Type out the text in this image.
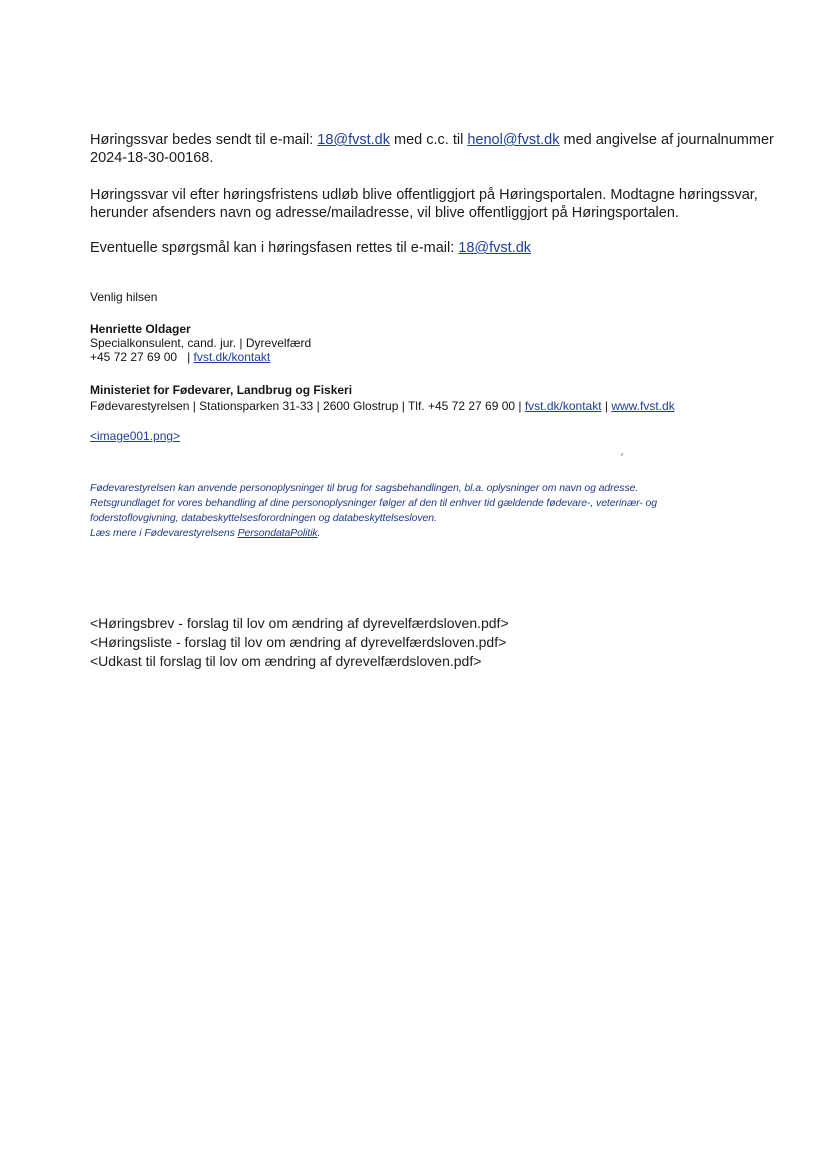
Høringssvar bedes sendt til e-mail: 18@fvst.dk med c.c. til henol@fvst.dk med angivelse af journalnummer
2024-18-30-00168.
Høringssvar vil efter høringsfristens udløb blive offentliggjort på Høringsportalen. Modtagne høringssvar,
herunder afsenders navn og adresse/mailadresse, vil blive offentliggjort på Høringsportalen.
Eventuelle spørgsmål kan i høringsfasen rettes til e-mail: 18@fvst.dk
Venlig hilsen
Henriette Oldager
Specialkonsulent, cand. jur. | Dyrevelfærd
+45 72 27 69 00   | fvst.dk/kontakt
Ministeriet for Fødevarer, Landbrug og Fiskeri
Fødevarestyrelsen | Stationsparken 31-33 | 2600 Glostrup | Tlf. +45 72 27 69 00 | fvst.dk/kontakt | www.fvst.dk
<image001.png>
Fødevarestyrelsen kan anvende personoplysninger til brug for sagsbehandlingen, bl.a. oplysninger om navn og adresse.
Retsgrundlaget for vores behandling af dine personoplysninger følger af den til enhver tid gældende fødevare-, veterinær- og
foderstoflovgivning, databeskyttelsesforordningen og databeskyttelsesloven.
Læs mere i Fødevarestyrelsens PersondataPolitik.
<Høringsbrev - forslag til lov om ændring af dyrevelfærdsloven.pdf>
<Høringsliste - forslag til lov om ændring af dyrevelfærdsloven.pdf>
<Udkast til forslag til lov om ændring af dyrevelfærdsloven.pdf>
